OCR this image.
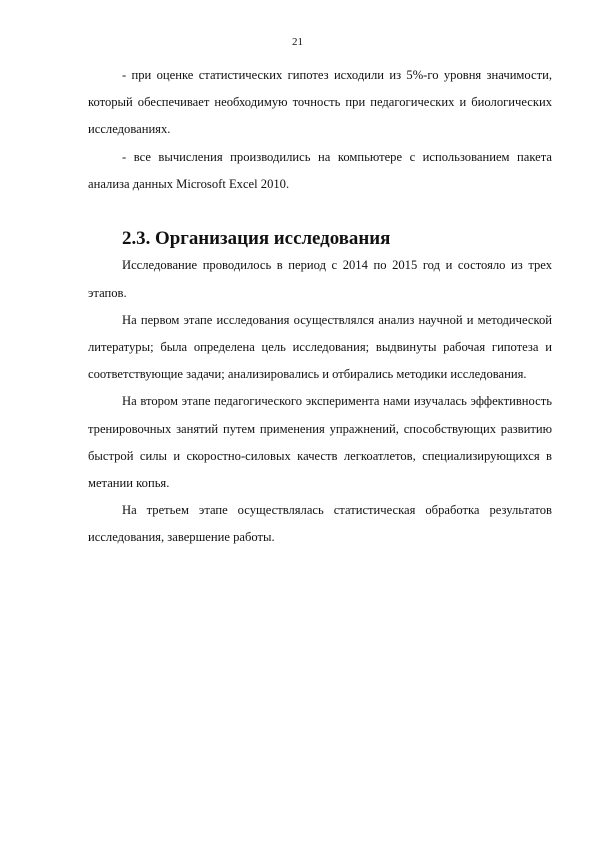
21

- при оценке статистических гипотез исходили из 5%-го уровня значимости, который обеспечивает необходимую точность при педагогических и биологических исследованиях.

- все вычисления производились на компьютере с использованием пакета анализа данных Microsoft Excel 2010.

2.3. Организация исследования

Исследование проводилось в период с 2014 по 2015 год и состояло из трех этапов.

На первом этапе исследования осуществлялся анализ научной и методической литературы; была определена цель исследования; выдвинуты рабочая гипотеза и соответствующие задачи; анализировались и отбирались методики исследования.

На втором этапе педагогического эксперимента нами изучалась эффективность тренировочных занятий путем применения упражнений, способствующих развитию быстрой силы и скоростно-силовых качеств легкоатлетов, специализирующихся в метании копья.

На третьем этапе осуществлялась статистическая обработка результатов исследования, завершение работы.
